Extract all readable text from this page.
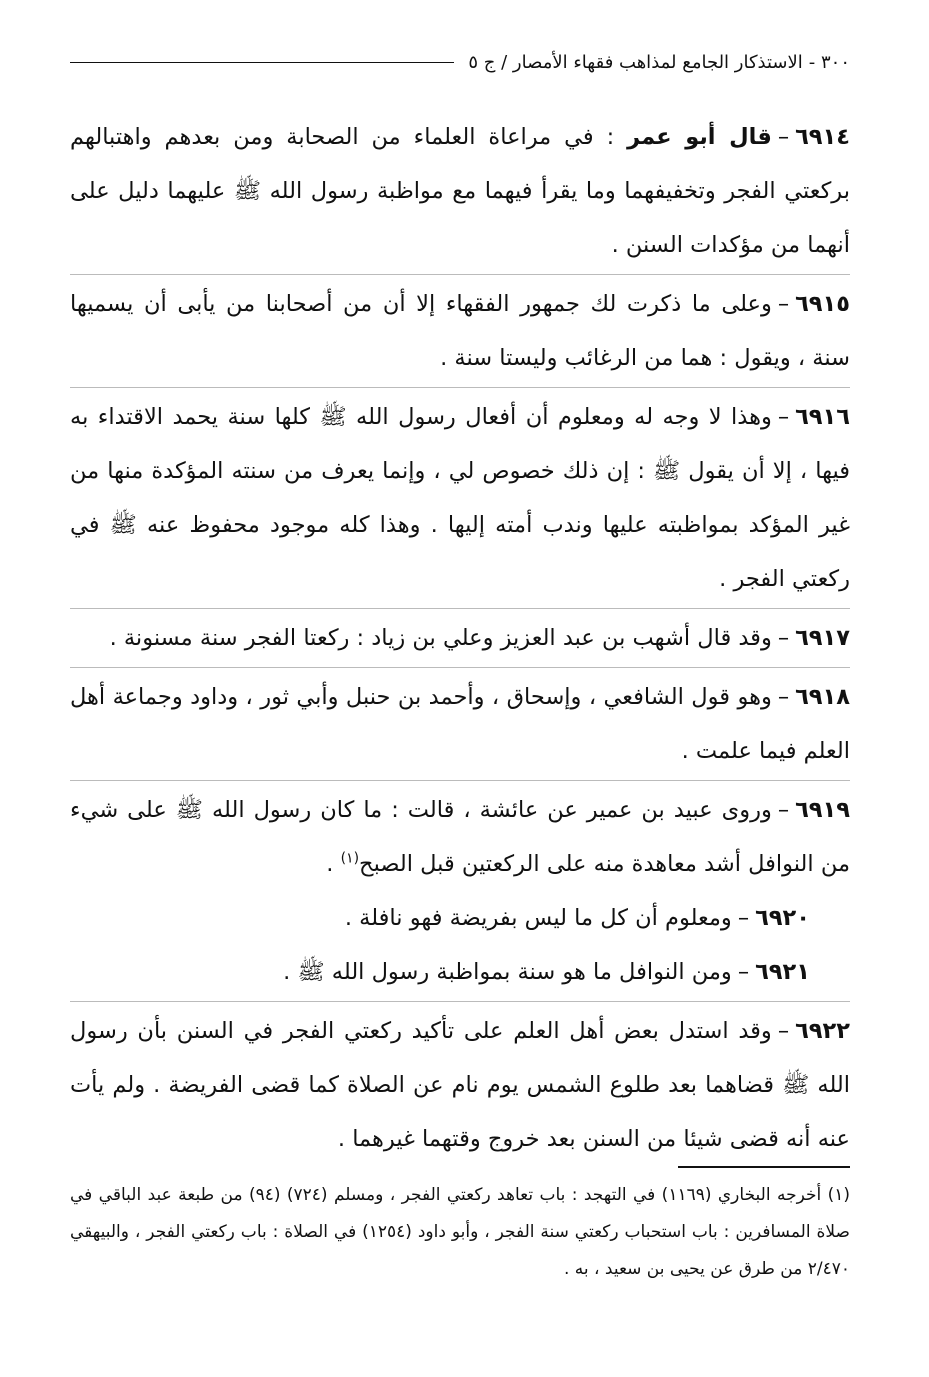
٣٠٠ -
الاستذكار الجامع لمذاهب فقهاء الأمصار / ج ٥

٦٩١٤–قال أبو عمر : في مراعاة العلماء من الصحابة ومن بعدهم واهتبالهم بركعتي الفجر وتخفيفهما وما يقرأ فيهما مع مواظبة رسول الله ﷺ عليهما دليل على أنهما من مؤكدات السنن .

٦٩١٥–وعلى ما ذكرت لك جمهور الفقهاء إلا أن من أصحابنا من يأبى أن يسميها سنة ، ويقول : هما من الرغائب وليستا سنة .

٦٩١٦–وهذا لا وجه له ومعلوم أن أفعال رسول الله ﷺ كلها سنة يحمد الاقتداء به فيها ، إلا أن يقول ﷺ : إن ذلك خصوص لي ، وإنما يعرف من سنته المؤكدة منها من غير المؤكد بمواظبته عليها وندب أمته إليها . وهذا كله موجود محفوظ عنه ﷺ في ركعتي الفجر .

٦٩١٧–وقد قال أشهب بن عبد العزيز وعلي بن زياد : ركعتا الفجر سنة مسنونة .

٦٩١٨–وهو قول الشافعي ، وإسحاق ، وأحمد بن حنبل وأبي ثور ، وداود وجماعة أهل العلم فيما علمت .

٦٩١٩–وروى عبيد بن عمير عن عائشة ، قالت : ما كان رسول الله ﷺ على شيء من النوافل أشد معاهدة منه على الركعتين قبل الصبح$^{(١)}$ .

٦٩٢٠–ومعلوم أن كل ما ليس بفريضة فهو نافلة .

٦٩٢١–ومن النوافل ما هو سنة بمواظبة رسول الله ﷺ .

٦٩٢٢–وقد استدل بعض أهل العلم على تأكيد ركعتي الفجر في السنن بأن رسول الله ﷺ قضاهما بعد طلوع الشمس يوم نام عن الصلاة كما قضى الفريضة . ولم يأت عنه أنه قضى شيئا من السنن بعد خروج وقتهما غيرهما .

(١) أخرجه البخاري (١١٦٩) في التهجد : باب تعاهد ركعتي الفجر ، ومسلم (٧٢٤) (٩٤) من طبعة عبد الباقي في صلاة المسافرين : باب استحباب ركعتي سنة الفجر ، وأبو داود (١٢٥٤) في الصلاة : باب ركعتي الفجر ، والبيهقي ٢/٤٧٠ من طرق عن يحيى بن سعيد ، به .
